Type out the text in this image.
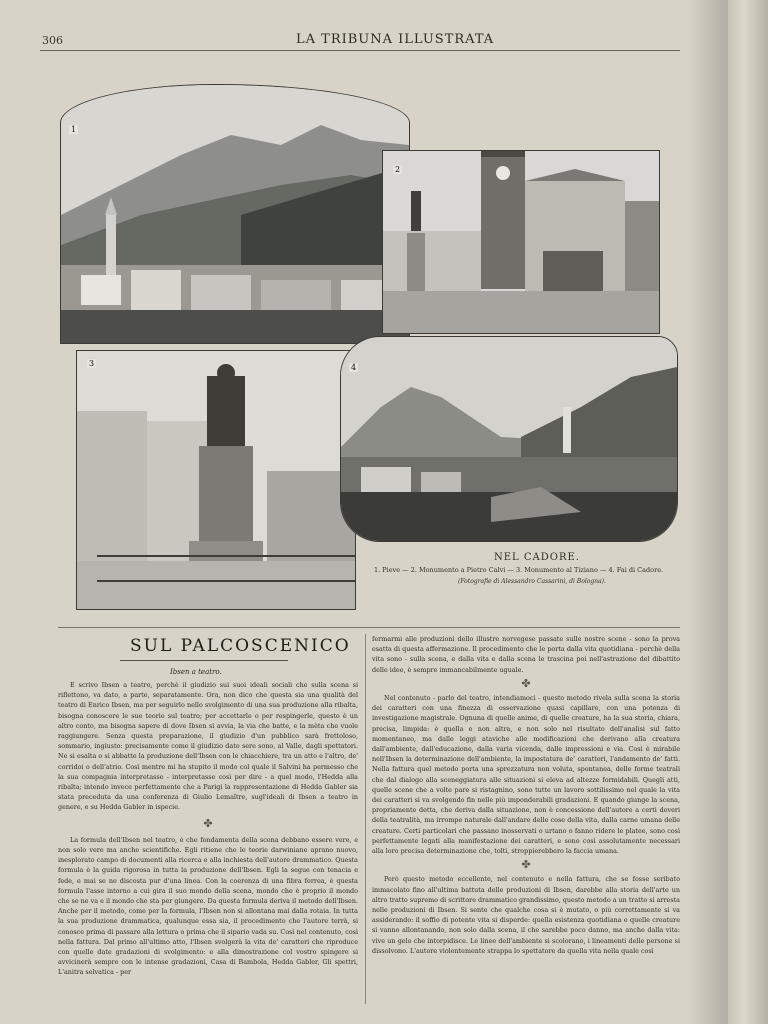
306	LA TRIBUNA ILLUSTRATA
1
2
3	4
NEL CADORE.
1. Pieve — 2. Monumento a Pietro Calvi — 3. Monumento al Tiziano — 4. Fai di Cadore.
(Fotografie di Alessandro Cassarini, di Bologna).
SUL PALCOSCENICO
Ibsen a teatro.

E scrivo Ibsen a teatro, perchè il giudizio sui suoi ideali sociali che sulla scena si riflettono, va dato, a parte, separatamente. Ora, non dico che questa sia una qualità del teatro di Enrico Ibsen, ma per seguirlo nello svolgimento di una sua produzione alla ribalta, bisogna conoscere le sue teorie sul teatro; per accettarle o per respingerle, questo è un altro conto, ma bisogna sapere di dove Ibsen si avvia, la via che batte, e la mèta che vuole raggiungere. Senza questa preparazione, il giudizio d'un pubblico sarà frettoloso, sommario, ingiusto: precisamente come il giudizio dato sere sono, al Valle, dagli spettatori. Ne si esalta o si abbatte la produzione dell'Ibsen con le chiacchiere, tra un atto e l'altro, de' corridoi o dell'atrio. Così mentre mi ha stupito il modo col quale il Salvini ha permesso che la sua compagnia interpretasse - interpretasse così per dire - a quel modo, l'Hedda alla ribalta; intendo invece perfettamente che a Parigi la rappresentazione di Hedda Gabler sia stata preceduta da una conferenza di Giulio Lemaître, sugl'ideali di Ibsen a teatro in genere, e su Hedda Gabler in ispecie.

✤

La formula dell'Ibsen nel teatro, è che fondamenta della scena debbano essere vere, e non solo vere ma anche scientifiche. Egli ritiene che le teorie darwiniane aprano nuovo, inesplorato campo di documenti alla ricerca e alla inchiesta dell'autore drammatico. Questa formula è la guida rigorosa in tutta la produzione dell'Ibsen. Egli la segue con tenacia e fede, e mai se ne discosta pur d'una linea. Con la coerenza di una fibra ferrea, è questa formula l'asse intorno a cui gira il suo mondo della scena, mondo che è proprio il mondo che se ne va e il mondo che sta per giungere. Da questa formula deriva il metodo dell'Ibsen. Anche per il metodo, come per la formula, l'Ibsen non si allontana mai dalla rotaia. In tutta la sua produzione drammatica, qualunque essa sia, il procedimento che l'autore terrà, si conosce prima di passare alla lettura o prima che il sipario vada su. Così nel contenuto, così nella fattura. Dal primo all'ultimo atto, l'Ibsen svolgerà la vita de' caratteri che riproduce con quelle date gradazioni di svolgimento: e alla dimostrazione col vostro spingere si avvicinerà sempre con le intense gradazioni, Casa di Bambola, Hedda Gabler, Gli spettri, L'anitra selvatica - per

fermarmi alle produzioni dello illustre norvegese passate sulle nostre scene - sono la prova esatta di questa affermazione. Il procedimento che le porta dalla vita quotidiana - perchè della vita sono - sulla scena, e dalla vita e dalla scena le trascina poi nell'astrazione del dibattito delle idee, è sempre immancabilmente uguale.

✤

Nel contenuto - parlo del teatro, intendiamoci - questo metodo rivela sulla scena la storia dei caratteri con una finezza di osservazione quasi capillare, con una potenza di investigazione magistrale. Ognuna di quelle anime, di quelle creature, ha la sua storia, chiara, precisa, limpida: è quella e non altra, e non solo nel risultato dell'analisi sul fatto momentaneo, ma dalle leggi ataviche alle modificazioni che derivano alla creatura dall'ambiente, dall'educazione, dalla varia vicenda, dalle impressioni e via. Così è mirabile nell'Ibsen la determinazione dell'ambiente, la impostatura de' caratteri, l'andamento de' fatti. Nella fattura quel metodo porta una sprezzatura non voluta, spontanea, delle forme teatrali che dal dialogo alla sceneggiatura alle situazioni si eleva ad altezze formidabili. Quegli atti, quelle scene che a volte pare si ristagnino, sono tutte un lavoro sottilissimo nel quale la vita dei caratteri si va svolgendo fin nelle più imponderabili gradazioni. E quando giunge la scena, propriamente detta, che deriva dalla situazione, non è concessione dell'autore a certi doveri della teatralità, ma irrompe naturale dall'andare delle cose della vita, dalla carne umana delle creature. Certi particolari che passano inosservati o urtano o fanno ridere le platee, sono così perfettamente legati alla manifestazione dei caratteri, e sono così assolutamente necessari alla loro precisa determinazione che, tolti, stroppierebbero la faccia umana.

✤

Però questo metodo eccellente, nel contenuto e nella fattura, che se fosse seribato immacolato fino all'ultima battuta delle produzioni di Ibsen, darebbe alla storia dell'arte un altro tratto supremo di scrittore drammatico grandissimo, questo metodo a un tratto si arresta nelle produzioni di Ibsen. Si sente che qualche cosa si è mutato, o più correttamente si va assiderando: il soffio di potente vita si disperde: quella esistenza quotidiana e quelle creature si vanno allontanando, non solo dalla scena, il che sarebbe poco danno, ma anche dalla vita: vive un gelo che intorpidisce. Le linee dell'ambiente si scolorano, i lineamenti delle persone si dissolvono. L'autore violentemente strappa lo spettatore da quella vita nella quale così
